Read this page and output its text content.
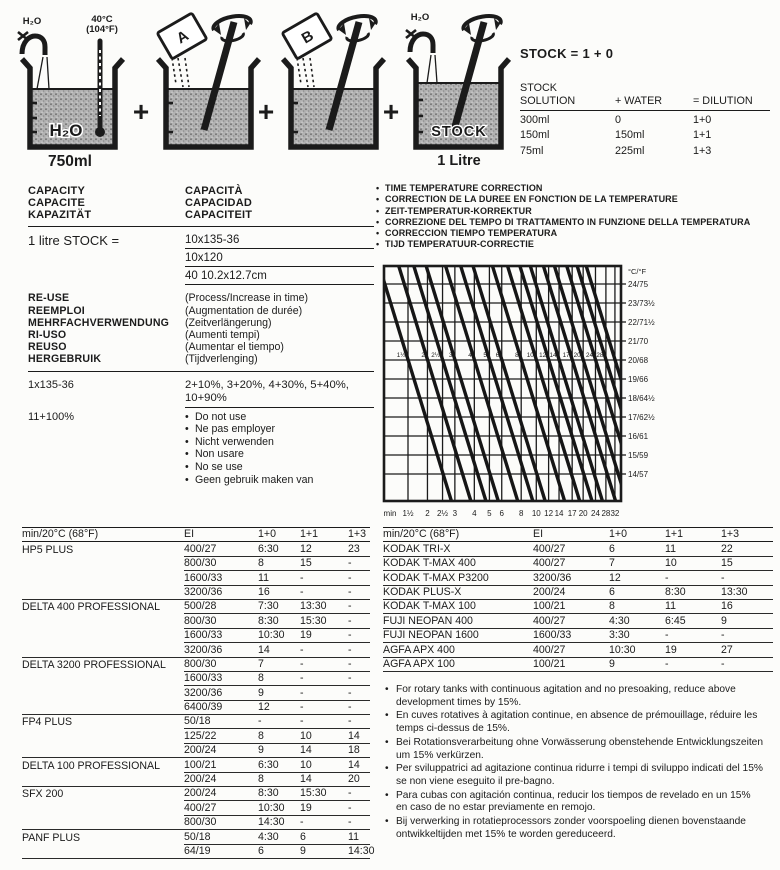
H₂O	40°C
(104°F)
H₂O
750ml
+
A
+
B
+
H₂O
STOCK
1 Litre
STOCK = 1 + 0
STOCK
SOLUTION	+ WATER	= DILUTION
300ml	0	1+0
150ml	150ml	1+1
75ml	225ml	1+3
CAPACITY
CAPACITE
KAPAZITÄT
CAPACITÀ
CAPACIDAD
CAPACITEIT
1 litre STOCK =	10x135-36
10x120
40 10.2x12.7cm
RE-USE
REEMPLOI
MEHRFACHVERWENDUNG
RI-USO
REUSO
HERGEBRUIK
(Process/Increase in time)
(Augmentation de durée)
(Zeitverlängerung)
(Aumenti tempi)
(Aumentar el tiempo)
(Tijdverlenging)
1x135-36	2+10%, 3+20%, 4+30%, 5+40%, 10+90%
11+100%	• Do not use
• Ne pas employer
• Nicht verwenden
• Non usare
• No se use
• Geen gebruik maken van
• TIME TEMPERATURE CORRECTION
• CORRECTION DE LA DUREE EN FONCTION DE LA TEMPERATURE
• ZEIT-TEMPERATUR-KORREKTUR
• CORREZIONE DEL TEMPO DI TRATTAMENTO IN FUNZIONE DELLA TEMPERATURA
• CORRECCION TIEMPO TEMPERATURA
• TIJD TEMPERATUUR-CORRECTIE
1½	2 2½ 3	4 5 6	8 10 12 14 17 20 24 28
°C/°F
24/75
23/73½
22/71½
21/70
20/68
19/66
18/64½
17/62½
16/61
15/59
14/57
min 1½ 2 2½ 3 4 5 6 8 10 12 14 17 20 24 28 32
min/20°C (68°F)	EI	1+0	1+1	1+3
HP5 PLUS	400/27	6:30	12	23
800/30	8	15	-
1600/33	11	-	-
3200/36	16	-	-
DELTA 400 PROFESSIONAL	500/28	7:30	13:30	-
800/30	8:30	15:30	-
1600/33	10:30	19	-
3200/36	14	-	-
DELTA 3200 PROFESSIONAL	800/30	7	-	-
1600/33	8	-	-
3200/36	9	-	-
6400/39	12	-	-
FP4 PLUS	50/18	-	-	-
125/22	8	10	14
200/24	9	14	18
DELTA 100 PROFESSIONAL	100/21	6:30	10	14
200/24	8	14	20
SFX 200	200/24	8:30	15:30	-
400/27	10:30	19	-
800/30	14:30	-	-
PANF PLUS	50/18	4:30	6	11
64/19	6	9	14:30
min/20°C (68°F)	EI	1+0	1+1	1+3
KODAK TRI-X	400/27	6	11	22
KODAK T-MAX 400	400/27	7	10	15
KODAK T-MAX P3200	3200/36	12	-	-
KODAK PLUS-X	200/24	6	8:30	13:30
KODAK T-MAX 100	100/21	8	11	16
FUJI NEOPAN 400	400/27	4:30	6:45	9
FUJI NEOPAN 1600	1600/33	3:30	-	-
AGFA APX 400	400/27	10:30	19	27
AGFA APX 100	100/21	9	-	-
• For rotary tanks with continuous agitation and no presoaking, reduce above development times by 15%.
• En cuves rotatives à agitation continue, en absence de prémouillage, réduire les temps ci-dessus de 15%.
• Bei Rotationsverarbeitung ohne Vorwässerung obenstehende Entwicklungszeiten um 15% verkürzen.
• Per sviluppatrici ad agitazione continua ridurre i tempi di sviluppo indicati del 15% se non viene eseguito il pre-bagno.
• Para cubas con agitación continua, reducir los tiempos de revelado en un 15% en caso de no estar previamente en remojo.
• Bij verwerking in rotatieprocessors zonder voorspoeling dienen bovenstaande ontwikkeltijden met 15% te worden gereduceerd.
